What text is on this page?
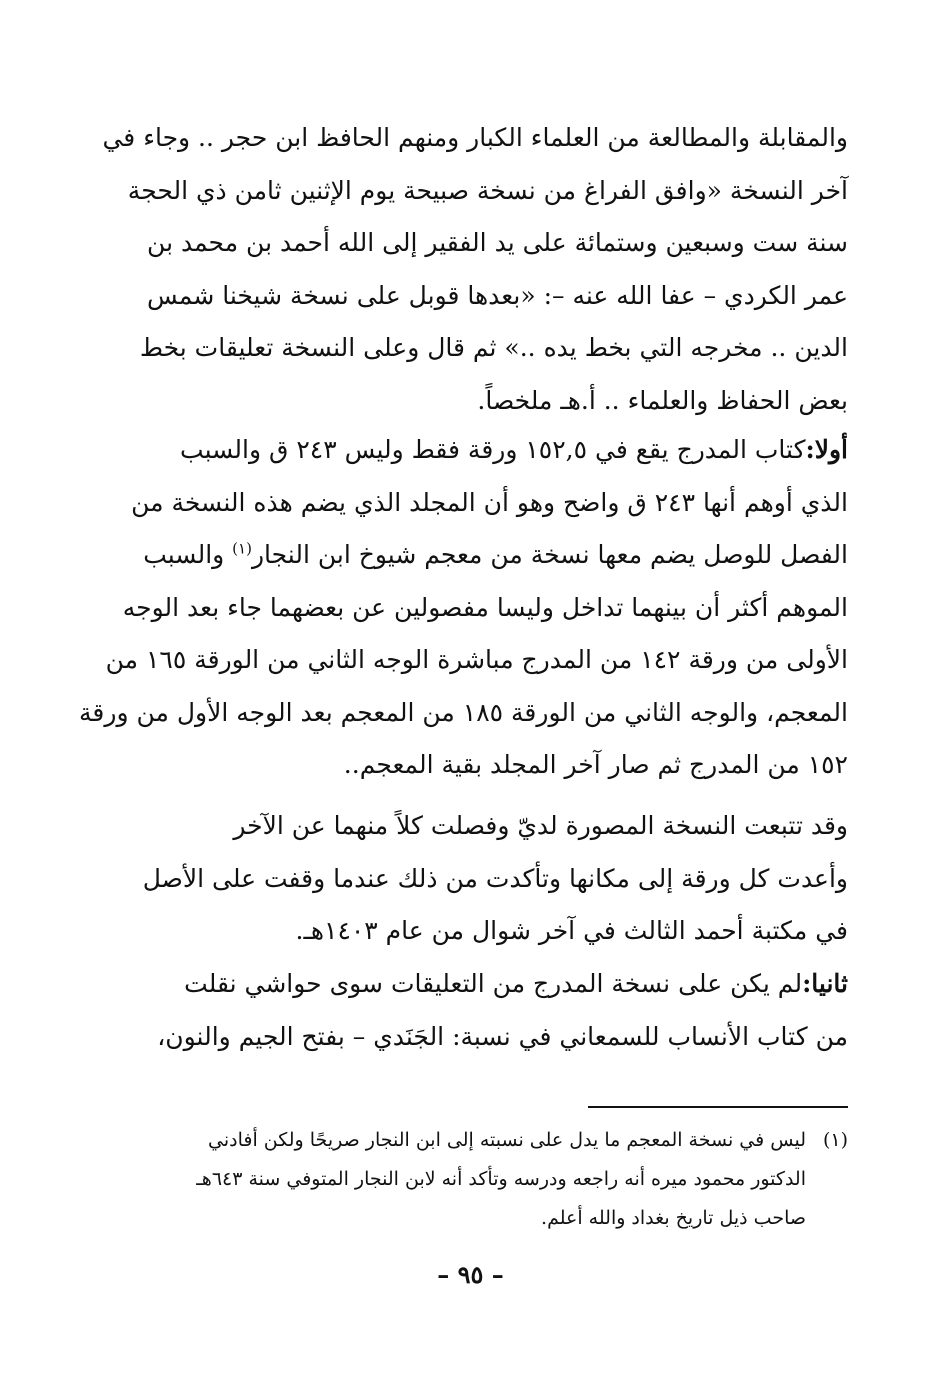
والمقابلة والمطالعة من العلماء الكبار ومنهم الحافظ ابن حجر .. وجاء في
آخر النسخة «وافق الفراغ من نسخة صبيحة يوم الإثنين ثامن ذي الحجة
سنة ست وسبعين وستمائة على يد الفقير إلى الله أحمد بن محمد بن
عمر الكردي – عفا الله عنه –: «بعدها قوبل على نسخة شيخنا شمس
الدين .. مخرجه التي بخط يده ..» ثم قال وعلى النسخة تعليقات بخط
بعض الحفاظ والعلماء .. أ.هـ ملخصاً.
أولا:كتاب المدرج يقع في ١٥٢,٥ ورقة فقط وليس ٢٤٣ ق والسبب
الذي أوهم أنها ٢٤٣ ق واضح وهو أن المجلد الذي يضم هذه النسخة من
الفصل للوصل يضم معها نسخة من معجم شيوخ ابن النجار$^{(١)}$ والسبب
الموهم أكثر أن بينهما تداخل وليسا مفصولين عن بعضهما جاء بعد الوجه
الأولى من ورقة ١٤٢ من المدرج مباشرة الوجه الثاني من الورقة ١٦٥ من
المعجم، والوجه الثاني من الورقة ١٨٥ من المعجم بعد الوجه الأول من ورقة
١٥٢ من المدرج ثم صار آخر المجلد بقية المعجم..
وقد تتبعت النسخة المصورة لديّ وفصلت كلاً منهما عن الآخر
وأعدت كل ورقة إلى مكانها وتأكدت من ذلك عندما وقفت على الأصل
في مكتبة أحمد الثالث في آخر شوال من عام ١٤٠٣هـ.
ثانيا:لم يكن على نسخة المدرج من التعليقات سوى حواشي نقلت
من كتاب الأنساب للسمعاني في نسبة: الجَنَدي – بفتح الجيم والنون،
(١)ليس في نسخة المعجم ما يدل على نسبته إلى ابن النجار صريحًا ولكن أفادني
الدكتور محمود ميره أنه راجعه ودرسه وتأكد أنه لابن النجار المتوفي سنة ٦٤٣هـ
صاحب ذيل تاريخ بغداد والله أعلم.
– ٩٥ –
